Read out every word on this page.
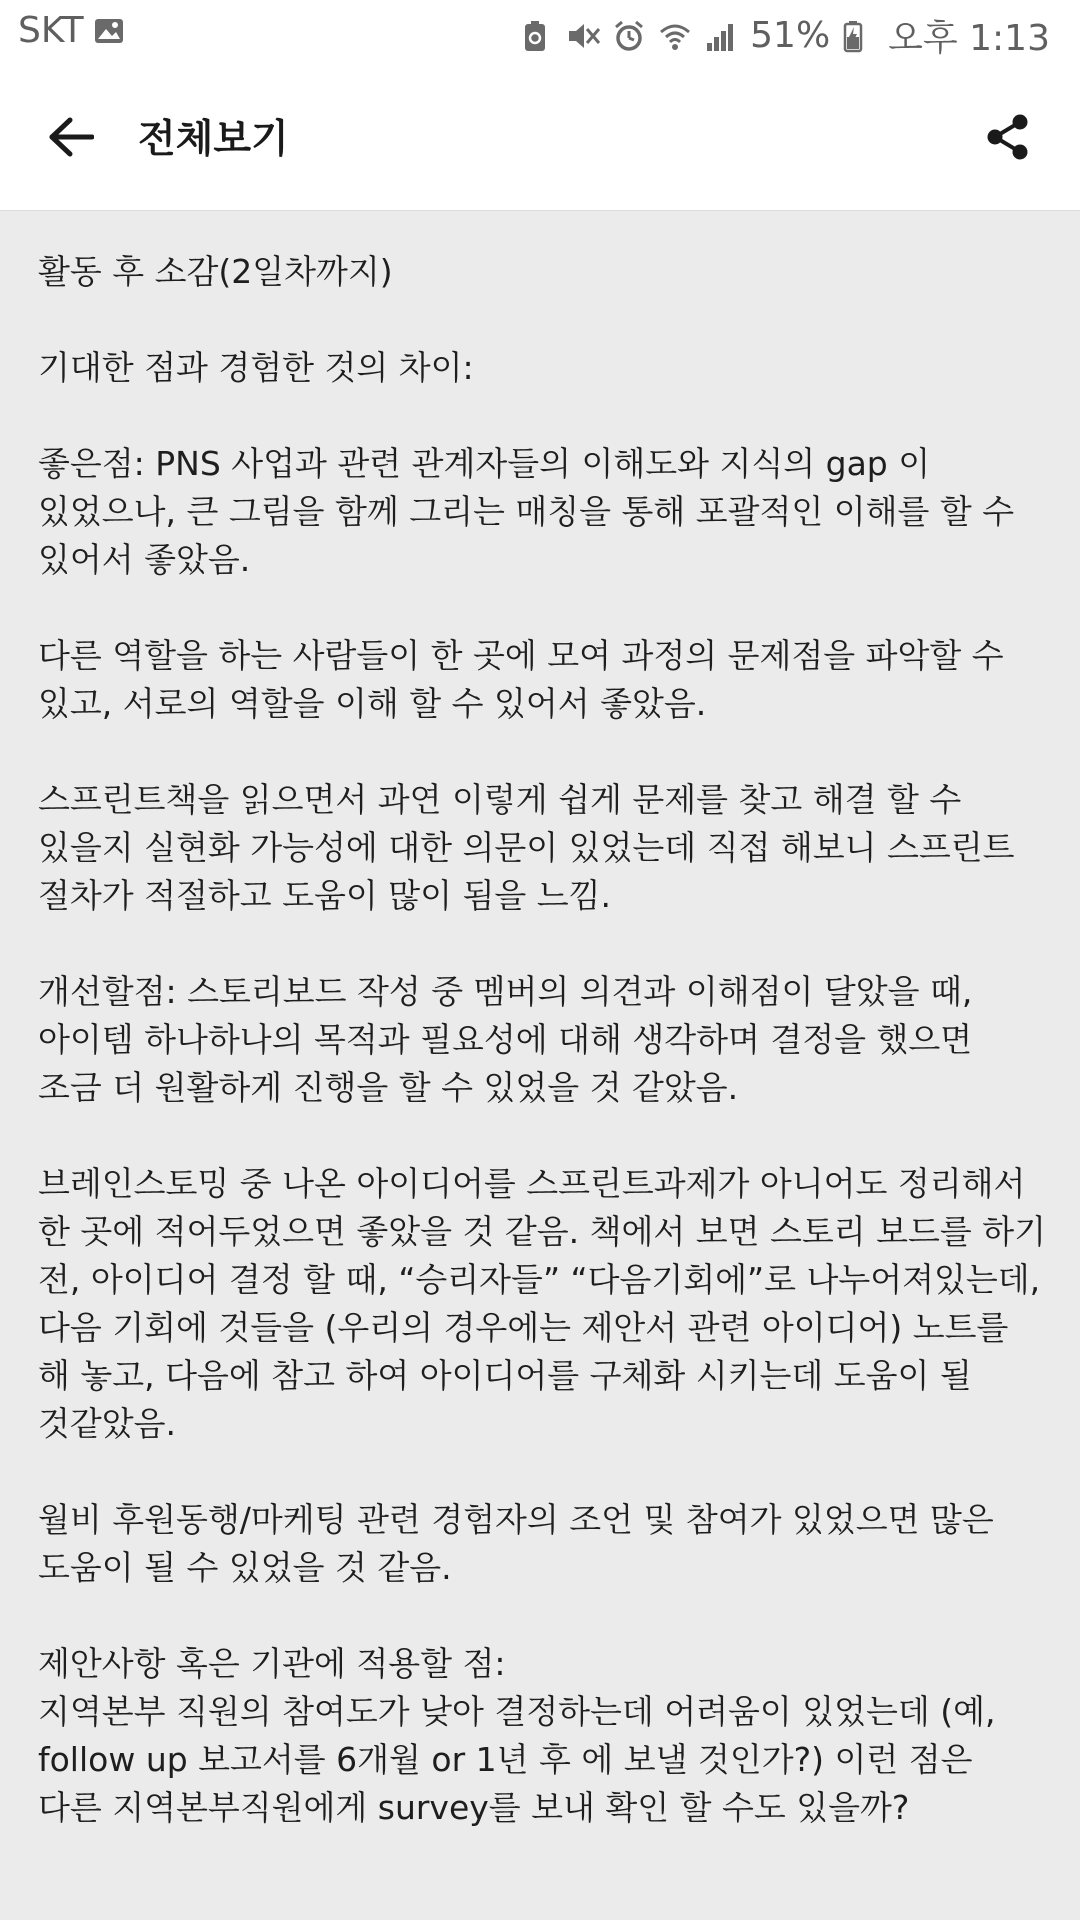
SKT	51% 오후 1:13
전체보기

활동 후 소감(2일차까지)

기대한 점과 경험한 것의 차이:

좋은점: PNS 사업과 관련 관계자들의 이해도와 지식의 gap 이
있었으나, 큰 그림을 함께 그리는 매칭을 통해 포괄적인 이해를 할 수
있어서 좋았음.

다른 역할을 하는 사람들이 한 곳에 모여 과정의 문제점을 파악할 수
있고, 서로의 역할을 이해 할 수 있어서 좋았음.

스프린트책을 읽으면서 과연 이렇게 쉽게 문제를 찾고 해결 할 수
있을지 실현화 가능성에 대한 의문이 있었는데 직접 해보니 스프린트
절차가 적절하고 도움이 많이 됨을 느낌.

개선할점: 스토리보드 작성 중 멤버의 의견과 이해점이 달았을 때,
아이템 하나하나의 목적과 필요성에 대해 생각하며 결정을 했으면
조금 더 원활하게 진행을 할 수 있었을 것 같았음.

브레인스토밍 중 나온 아이디어를 스프린트과제가 아니어도 정리해서
한 곳에 적어두었으면 좋았을 것 같음. 책에서 보면 스토리 보드를 하기
전, 아이디어 결정 할 때, “승리자들” “다음기회에”로 나누어져있는데,
다음 기회에 것들을 (우리의 경우에는 제안서 관련 아이디어) 노트를
해 놓고, 다음에 참고 하여 아이디어를 구체화 시키는데 도움이 될
것같았음.

월비 후원동행/마케팅 관련 경험자의 조언 및 참여가 있었으면 많은
도움이 될 수 있었을 것 같음.

제안사항 혹은 기관에 적용할 점:
지역본부 직원의 참여도가 낮아 결정하는데 어려움이 있었는데 (예,
follow up 보고서를 6개월 or 1년 후 에 보낼 것인가?) 이런 점은
다른 지역본부직원에게 survey를 보내 확인 할 수도 있을까?
